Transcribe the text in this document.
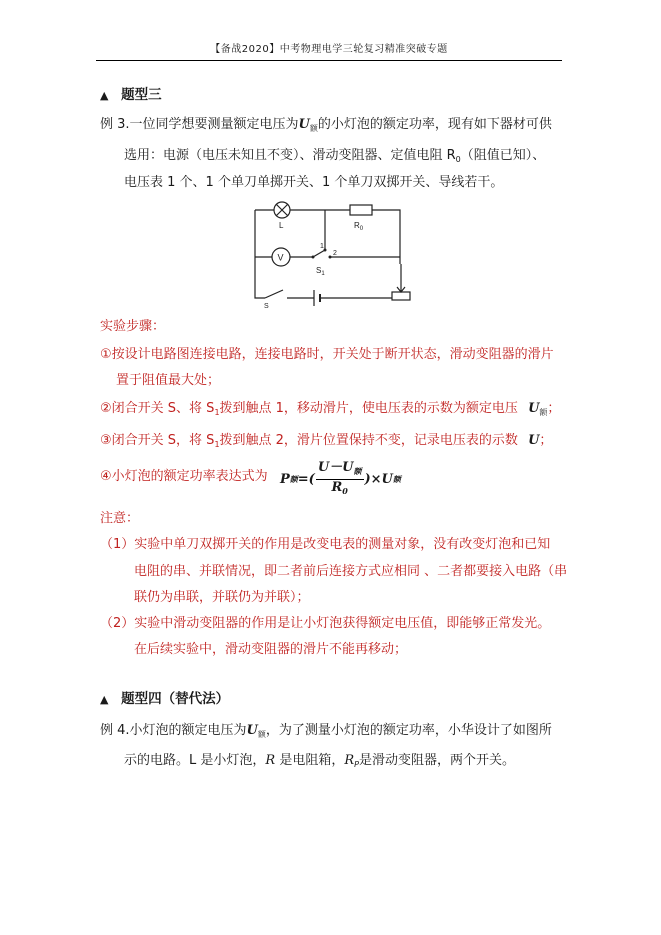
【备战2020】中考物理电学三轮复习精准突破专题
▲ 题型三
例 3.一位同学想要测量额定电压为$U_额$的小灯泡的额定功率，现有如下器材可供
选用：电源（电压未知且不变）、滑动变阻器、定值电阻 $R_0$（阻值已知）、
电压表 1 个、1 个单刀单掷开关、1 个单刀双掷开关、导线若干。
L	$R_0$
V
1
2
$S_1$
S
实验步骤：
①按设计电路图连接电路，连接电路时，开关处于断开状态，滑动变阻器的滑片
置于阻值最大处；
②闭合开关 S、将 $S_1$拨到触点 1，移动滑片，使电压表的示数为额定电压 $U_额$；
③闭合开关 S，将 $S_1$拨到触点 2，滑片位置保持不变，记录电压表的示数 U；
④小灯泡的额定功率表达式为 P 额 =( $\frac{U-U_额}{R_0} )\times U$ 额
注意：
（1）实验中单刀双掷开关的作用是改变电表的测量对象，没有改变灯泡和已知
电阻的串、并联情况，即二者前后连接方式应相同 、二者都要接入电路（串
联仍为串联，并联仍为并联）；
（2）实验中滑动变阻器的作用是让小灯泡获得额定电压值，即能够正常发光。
在后续实验中，滑动变阻器的滑片不能再移动；
▲ 题型四（替代法）
例 4.小灯泡的额定电压为$U_额$，为了测量小灯泡的额定功率，小华设计了如图所
示的电路。L 是小灯泡，R 是电阻箱，$R_P$是滑动变阻器，两个开关。
